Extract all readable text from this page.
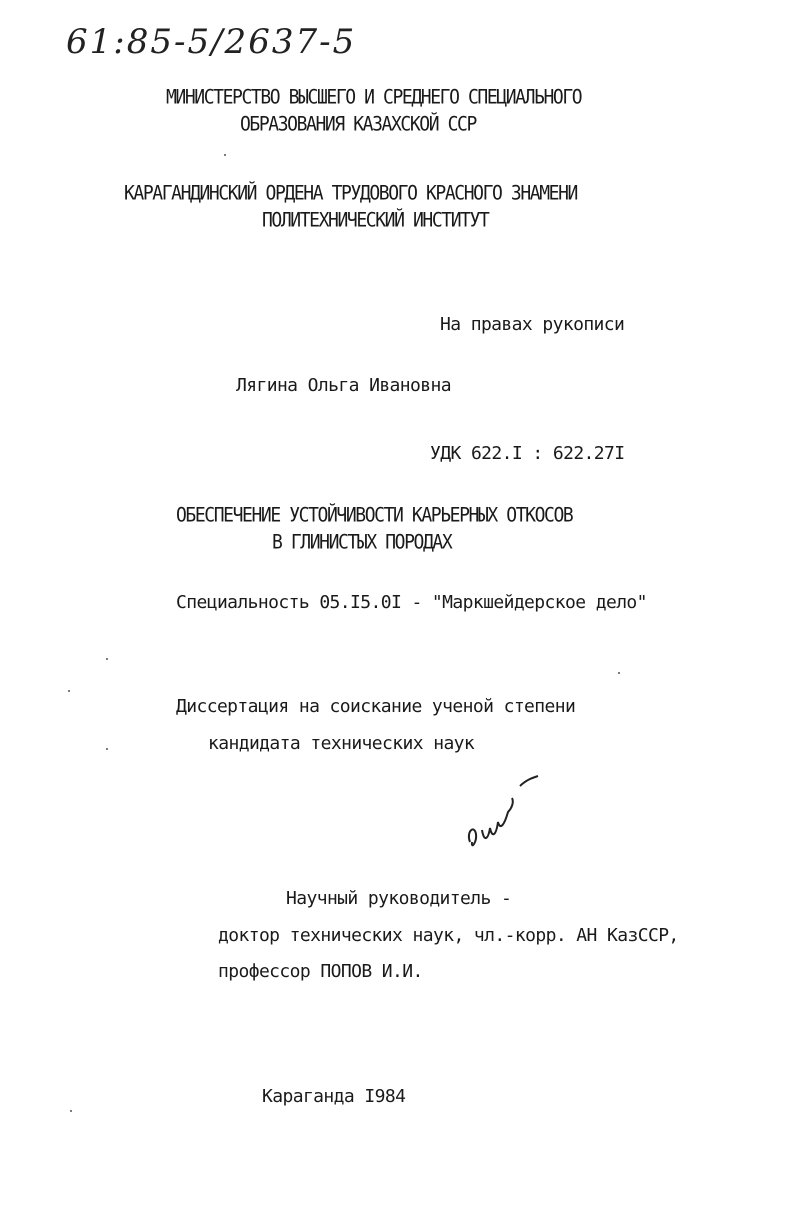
61:85-5/2637-5
МИНИСТЕРСТВО ВЫСШЕГО И СРЕДНЕГО СПЕЦИАЛЬНОГО
ОБРАЗОВАНИЯ КАЗАХСКОЙ ССР
КАРАГАНДИНСКИЙ ОРДЕНА ТРУДОВОГО КРАСНОГО ЗНАМЕНИ
ПОЛИТЕХНИЧЕСКИЙ ИНСТИТУТ
На правах рукописи
Лягина Ольга Ивановна
УДК 622.I : 622.27I
ОБЕСПЕЧЕНИЕ УСТОЙЧИВОСТИ КАРЬЕРНЫХ ОТКОСОВ
В ГЛИНИСТЫХ ПОРОДАХ
Специальность 05.I5.0I - "Маркшейдерское дело"
Диссертация на соискание ученой степени
кандидата технических наук
Научный руководитель -
доктор технических наук, чл.-корр. АН КазССР,
профессор ПОПОВ И.И.
Караганда I984
